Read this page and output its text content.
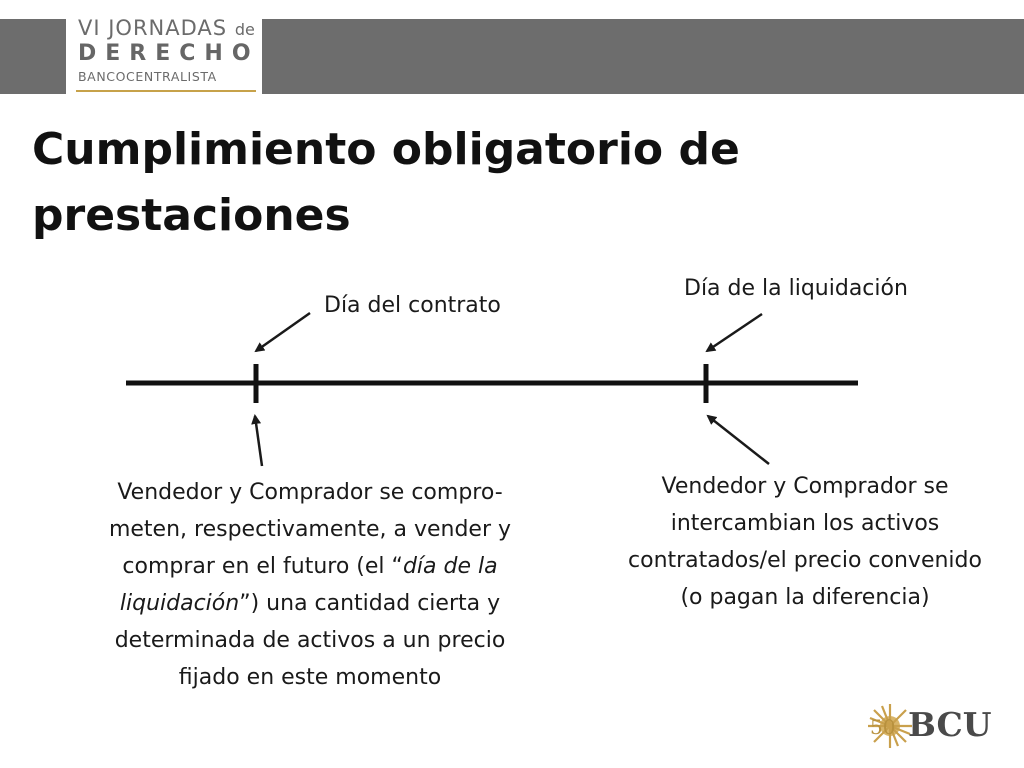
VI JORNADAS de
DERECHO
BANCOCENTRALISTA
Cumplimiento obligatorio de prestaciones
Día del contrato
Día de la liquidación
Vendedor y Comprador se compro-
meten, respectivamente, a vender y
comprar en el futuro (el “día de la
liquidación”) una cantidad cierta y
determinada de activos a un precio
fijado en este momento
Vendedor y Comprador se
intercambian los activos
contratados/el precio convenido
(o pagan la diferencia)
50 BCU
